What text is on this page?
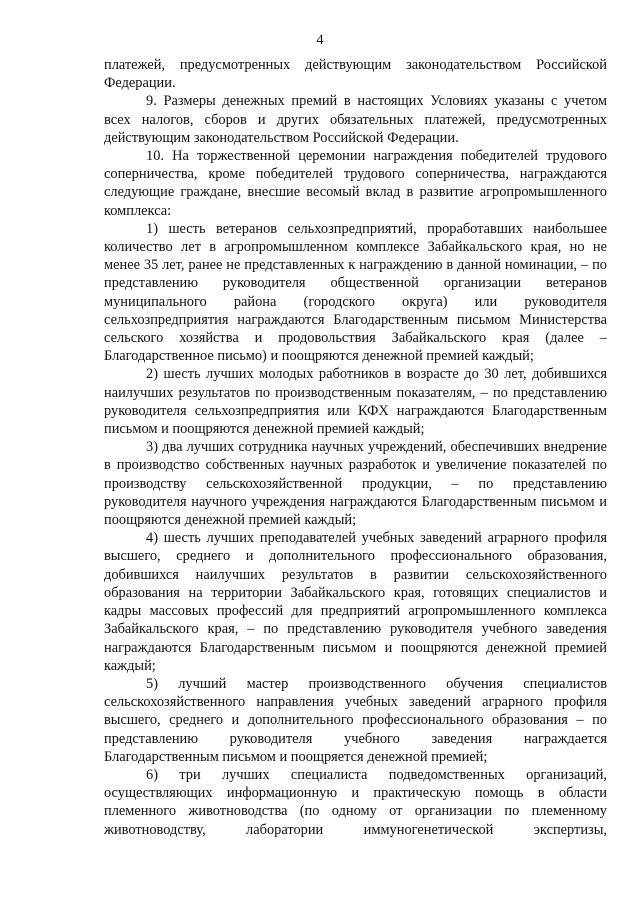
4

платежей, предусмотренных действующим законодательством Российской Федерации.

9. Размеры денежных премий в настоящих Условиях указаны с учетом всех налогов, сборов и других обязательных платежей, предусмотренных действующим законодательством Российской Федерации.

10. На торжественной церемонии награждения победителей трудового соперничества, кроме победителей трудового соперничества, награждаются следующие граждане, внесшие весомый вклад в развитие агропромышленного комплекса:

1) шесть ветеранов сельхозпредприятий, проработавших наибольшее количество лет в агропромышленном комплексе Забайкальского края, но не менее 35 лет, ранее не представленных к награждению в данной номинации, – по представлению руководителя общественной организации ветеранов муниципального района (городского округа) или руководителя сельхозпредприятия награждаются Благодарственным письмом Министерства сельского хозяйства и продовольствия Забайкальского края (далее – Благодарственное письмо) и поощряются денежной премией каждый;

2) шесть лучших молодых работников в возрасте до 30 лет, добившихся наилучших результатов по производственным показателям, – по представлению руководителя сельхозпредприятия или КФХ награждаются Благодарственным письмом и поощряются денежной премией каждый;

3) два лучших сотрудника научных учреждений, обеспечивших внедрение в производство собственных научных разработок и увеличение показателей по производству сельскохозяйственной продукции, – по представлению руководителя научного учреждения награждаются Благодарственным письмом и поощряются денежной премией каждый;

4) шесть лучших преподавателей учебных заведений аграрного профиля высшего, среднего и дополнительного профессионального образования, добившихся наилучших результатов в развитии сельскохозяйственного образования на территории Забайкальского края, готовящих специалистов и кадры массовых профессий для предприятий агропромышленного комплекса Забайкальского края, – по представлению руководителя учебного заведения награждаются Благодарственным письмом и поощряются денежной премией каждый;

5) лучший мастер производственного обучения специалистов сельскохозяйственного направления учебных заведений аграрного профиля высшего, среднего и дополнительного профессионального образования – по представлению руководителя учебного заведения награждается Благодарственным письмом и поощряется денежной премией;

6) три лучших специалиста подведомственных организаций, осуществляющих информационную и практическую помощь в области племенного животноводства (по одному от организации по племенному животноводству, лаборатории иммуногенетической экспертизы,
